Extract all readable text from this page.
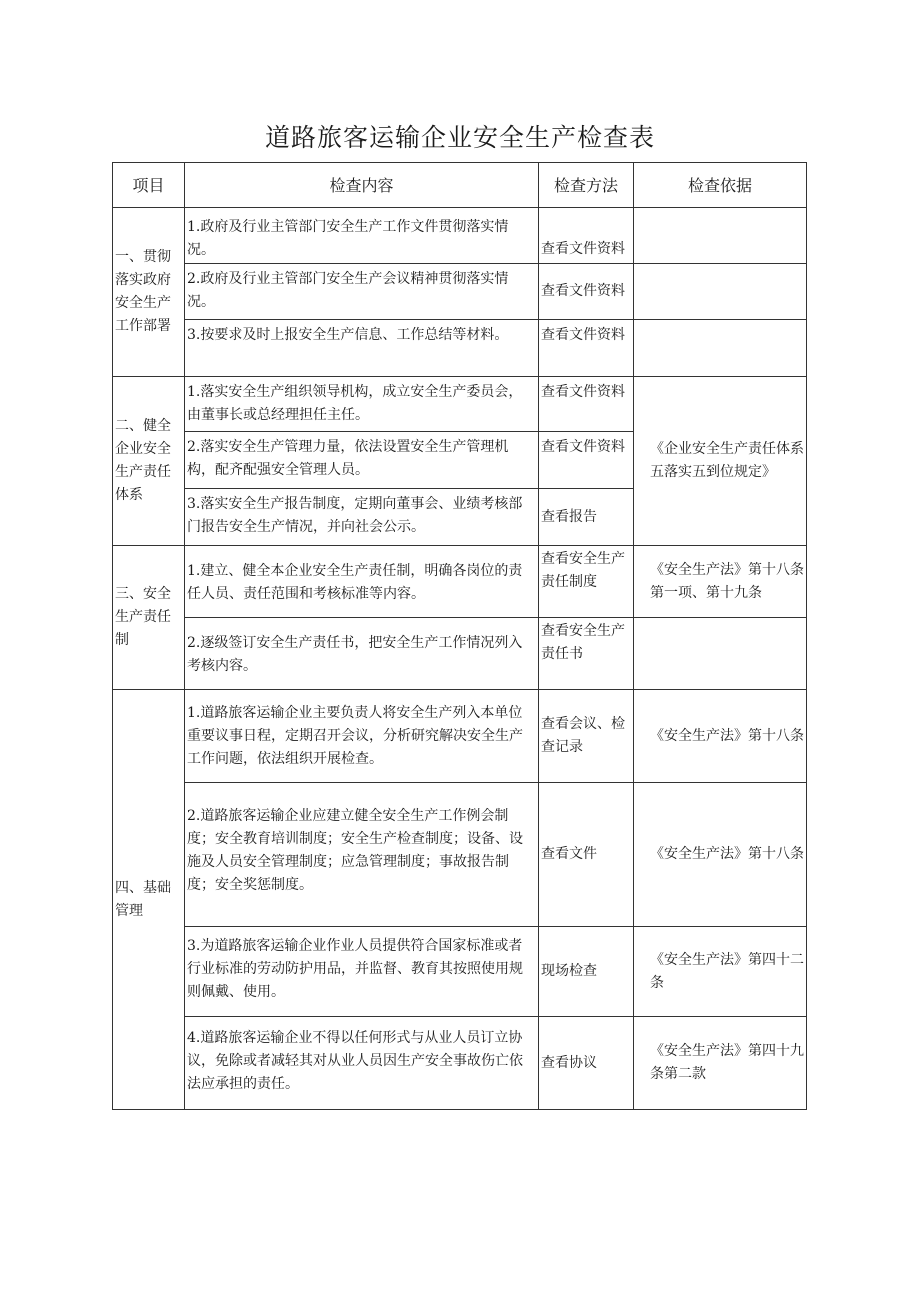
道路旅客运输企业安全生产检查表
项目	检查内容	检查方法	检查依据

一、贯彻落实政府安全生产工作部署	1.政府及行业主管部门安全生产工作文件贯彻落实情况。	查看文件资料	
	2.政府及行业主管部门安全生产会议精神贯彻落实情况。	查看文件资料	
	3.按要求及时上报安全生产信息、工作总结等材料。	查看文件资料	

二、健全企业安全生产责任体系	1.落实安全生产组织领导机构，成立安全生产委员会，由董事长或总经理担任主任。	查看文件资料	《企业安全生产责任体系五落实五到位规定》
	2.落实安全生产管理力量，依法设置安全生产管理机构，配齐配强安全管理人员。	查看文件资料	
	3.落实安全生产报告制度，定期向董事会、业绩考核部门报告安全生产情况，并向社会公示。	查看报告	

三、安全生产责任制	1.建立、健全本企业安全生产责任制，明确各岗位的责任人员、责任范围和考核标准等内容。	查看安全生产责任制度	《安全生产法》第十八条第一项、第十九条
	2.逐级签订安全生产责任书，把安全生产工作情况列入考核内容。	查看安全生产责任书	

四、基础管理	1.道路旅客运输企业主要负责人将安全生产列入本单位重要议事日程，定期召开会议，分析研究解决安全生产工作问题，依法组织开展检查。	查看会议、检查记录	《安全生产法》第十八条
	2.道路旅客运输企业应建立健全安全生产工作例会制度；安全教育培训制度；安全生产检查制度；设备、设施及人员安全管理制度；应急管理制度；事故报告制度；安全奖惩制度。	查看文件	《安全生产法》第十八条
	3.为道路旅客运输企业作业人员提供符合国家标准或者行业标准的劳动防护用品，并监督、教育其按照使用规则佩戴、使用。	现场检查	《安全生产法》第四十二条
	4.道路旅客运输企业不得以任何形式与从业人员订立协议，免除或者减轻其对从业人员因生产安全事故伤亡依法应承担的责任。	查看协议	《安全生产法》第四十九条第二款
